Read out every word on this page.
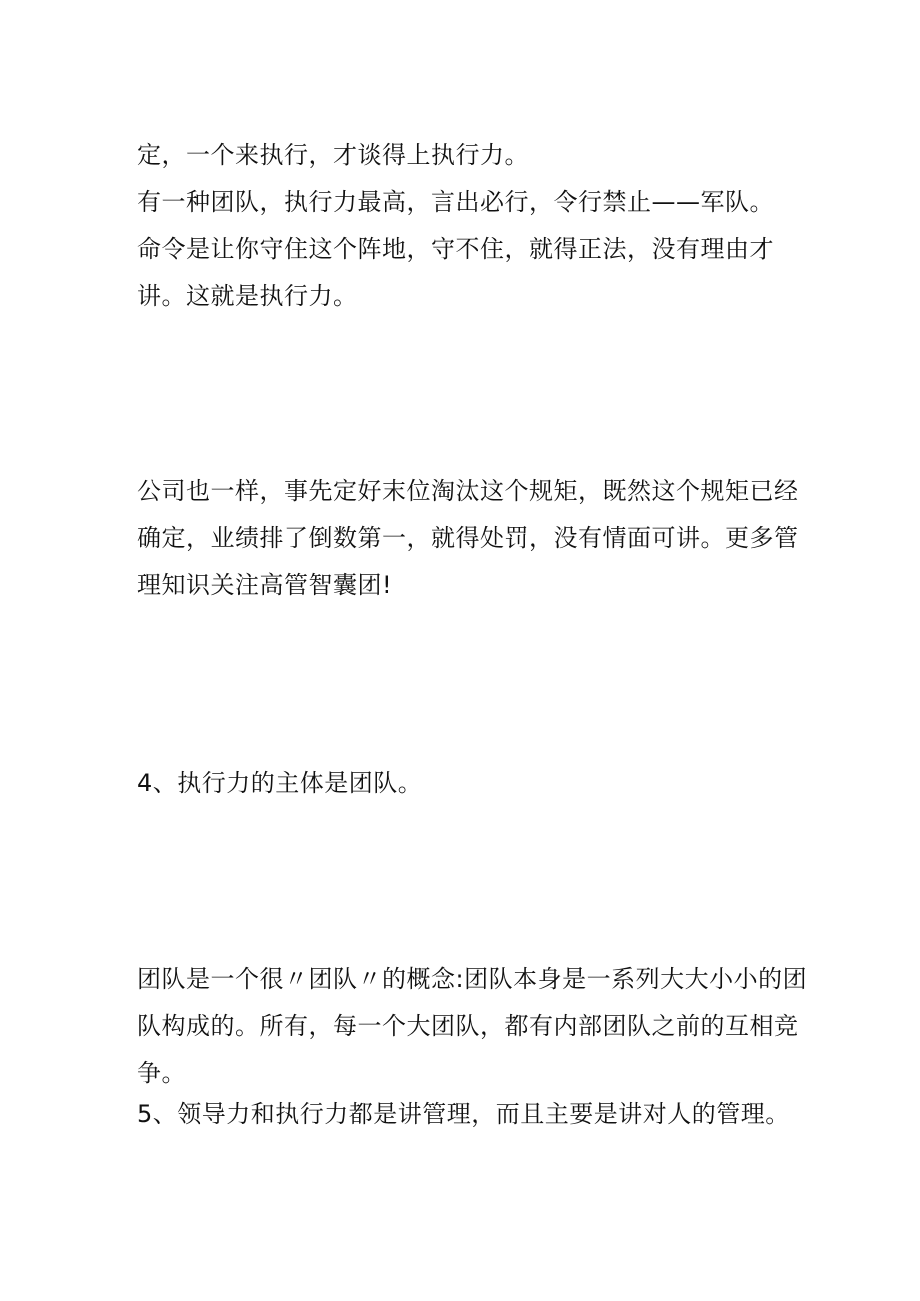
定，一个来执行，才谈得上执行力。
有一种团队，执行力最高，言出必行，令行禁止——军队。
命令是让你守住这个阵地，守不住，就得正法，没有理由才
讲。这就是执行力。
公司也一样，事先定好末位淘汰这个规矩，既然这个规矩已经
确定，业绩排了倒数第一，就得处罚，没有情面可讲。更多管
理知识关注高管智囊团!
4、执行力的主体是团队。
团队是一个很〃团队〃的概念:团队本身是一系列大大小小的团
队构成的。所有，每一个大团队，都有内部团队之前的互相竞
争。
5、领导力和执行力都是讲管理，而且主要是讲对人的管理。
